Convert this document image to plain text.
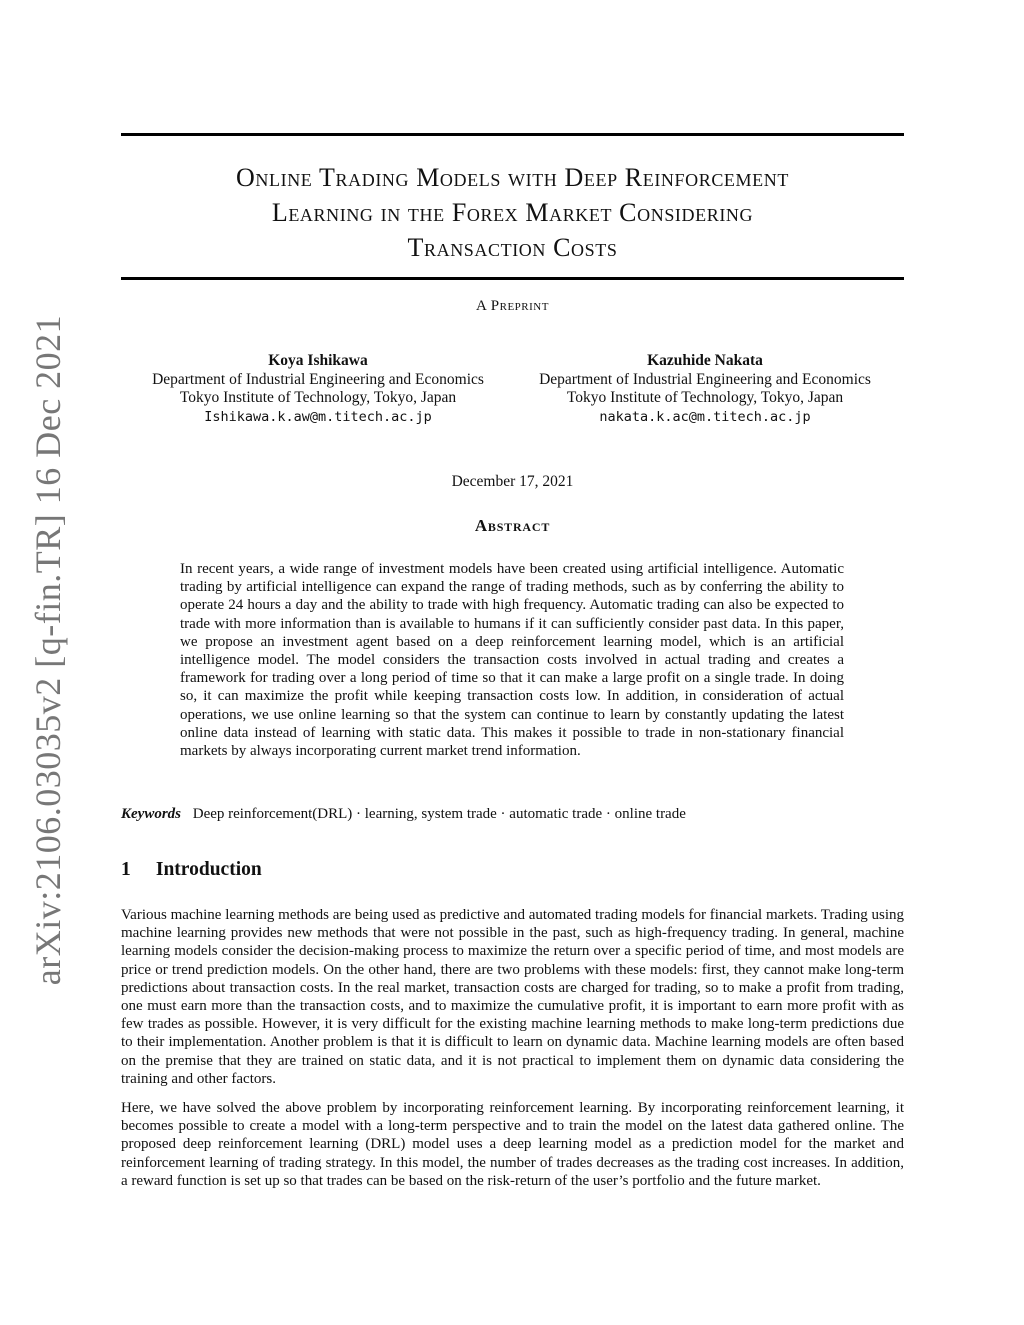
arXiv:2106.03035v2 [q-fin.TR] 16 Dec 2021
Online Trading Models with Deep Reinforcement
Learning in the Forex Market Considering
Transaction Costs
A Preprint
Koya Ishikawa
Department of Industrial Engineering and Economics
Tokyo Institute of Technology, Tokyo, Japan
Ishikawa.k.aw@m.titech.ac.jp
Kazuhide Nakata
Department of Industrial Engineering and Economics
Tokyo Institute of Technology, Tokyo, Japan
nakata.k.ac@m.titech.ac.jp
December 17, 2021
Abstract

In recent years, a wide range of investment models have been created using artificial intelligence. Automatic trading by artificial intelligence can expand the range of trading methods, such as by conferring the ability to operate 24 hours a day and the ability to trade with high frequency. Automatic trading can also be expected to trade with more information than is available to humans if it can sufficiently consider past data. In this paper, we propose an investment agent based on a deep reinforcement learning model, which is an artificial intelligence model. The model considers the transaction costs involved in actual trading and creates a framework for trading over a long period of time so that it can make a large profit on a single trade. In doing so, it can maximize the profit while keeping transaction costs low. In addition, in consideration of actual operations, we use online learning so that the system can continue to learn by constantly updating the latest online data instead of learning with static data. This makes it possible to trade in non-stationary financial markets by always incorporating current market trend information.

Keywords Deep reinforcement(DRL) · learning, system trade · automatic trade · online trade
1 Introduction

Various machine learning methods are being used as predictive and automated trading models for financial markets. Trading using machine learning provides new methods that were not possible in the past, such as high-frequency trading. In general, machine learning models consider the decision-making process to maximize the return over a specific period of time, and most models are price or trend prediction models. On the other hand, there are two problems with these models: first, they cannot make long-term predictions about transaction costs. In the real market, transaction costs are charged for trading, so to make a profit from trading, one must earn more than the transaction costs, and to maximize the cumulative profit, it is important to earn more profit with as few trades as possible. However, it is very difficult for the existing machine learning methods to make long-term predictions due to their implementation. Another problem is that it is difficult to learn on dynamic data. Machine learning models are often based on the premise that they are trained on static data, and it is not practical to implement them on dynamic data considering the training and other factors.

Here, we have solved the above problem by incorporating reinforcement learning. By incorporating reinforcement learning, it becomes possible to create a model with a long-term perspective and to train the model on the latest data gathered online. The proposed deep reinforcement learning (DRL) model uses a deep learning model as a prediction model for the market and reinforcement learning of trading strategy. In this model, the number of trades decreases as the trading cost increases. In addition, a reward function is set up so that trades can be based on the risk-return of the user’s portfolio and the future market.
